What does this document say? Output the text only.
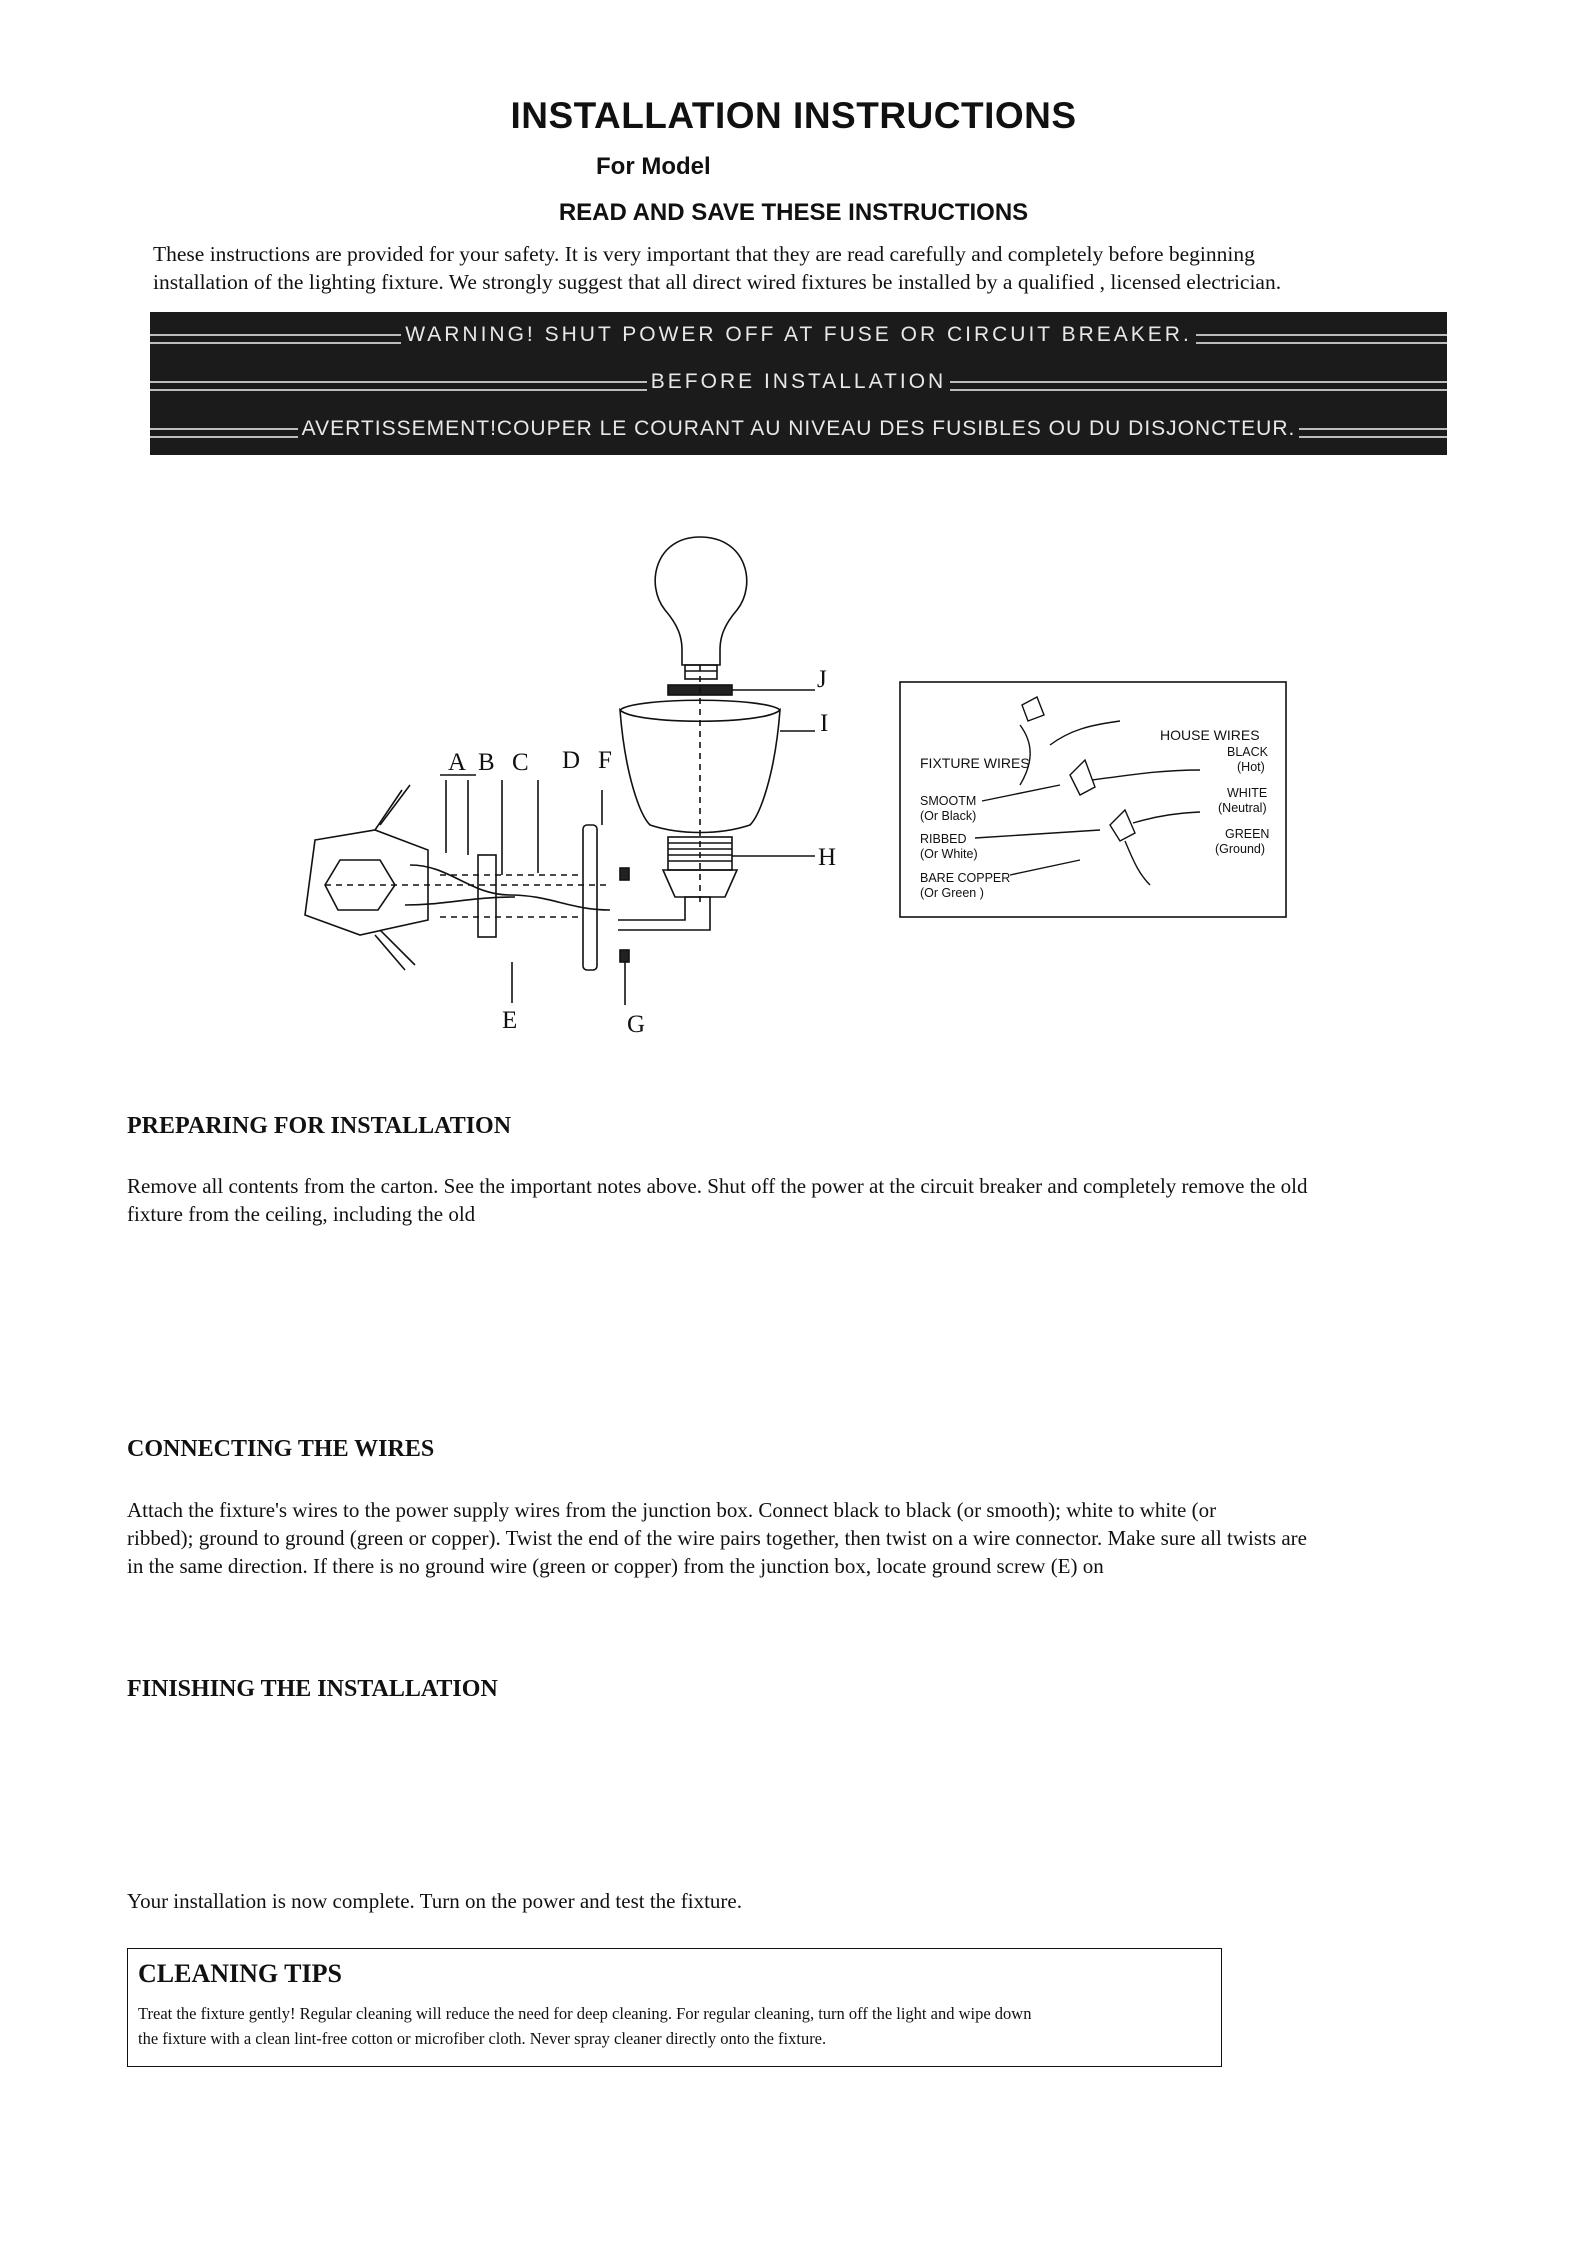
INSTALLATION INSTRUCTIONS
For Model
READ AND SAVE THESE INSTRUCTIONS
These instructions are provided for your safety. It is very important that they are read carefully and completely before beginning
installation of the lighting fixture. We strongly suggest that all direct wired fixtures be installed by a qualified , licensed electrician.
WARNING! SHUT POWER OFF AT FUSE OR CIRCUIT BREAKER.
BEFORE INSTALLATION
AVERTISSEMENT!COUPER LE COURANT AU NIVEAU DES FUSIBLES OU DU DISJONCTEUR.
J
I
H
A B C D F
E	G
FIXTURE WIRES
HOUSE WIRES
SMOOTM
(Or Black)
RIBBED
(Or White)
BARE COPPER
(Or Green )
BLACK
(Hot)
WHITE
(Neutral)
GREEN
(Ground)
PREPARING FOR INSTALLATION
Remove all contents from the carton. See the important notes above. Shut off the power at the circuit breaker and completely remove the old
fixture from the ceiling, including the old
CONNECTING THE WIRES
Attach the fixture's wires to the power supply wires from the junction box. Connect black to black (or smooth); white to white (or
ribbed); ground to ground (green or copper). Twist the end of the wire pairs together, then twist on a wire connector. Make sure all twists are
in the same direction. If there is no ground wire (green or copper) from the junction box, locate ground screw (E) on
FINISHING THE INSTALLATION
Your installation is now complete. Turn on the power and test the fixture.
CLEANING TIPS
Treat the fixture gently! Regular cleaning will reduce the need for deep cleaning. For regular cleaning, turn off the light and wipe down
the fixture with a clean lint-free cotton or microfiber cloth. Never spray cleaner directly onto the fixture.
